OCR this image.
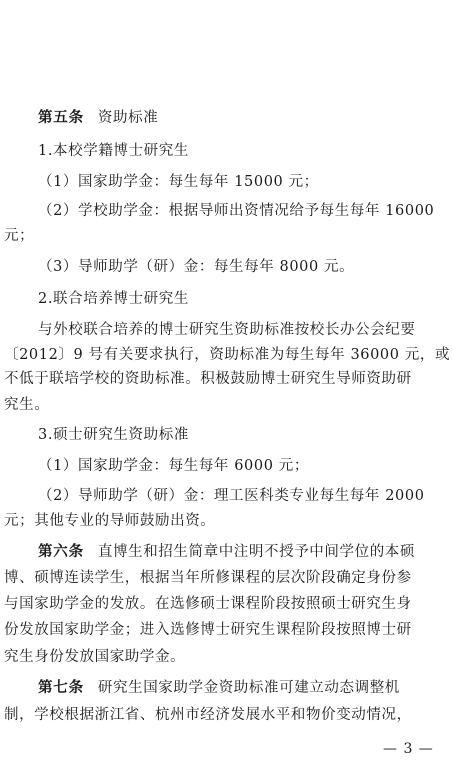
第五条 资助标准
1.本校学籍博士研究生
（1）国家助学金：每生每年 15000 元；
（2）学校助学金：根据导师出资情况给予每生每年 16000
元；
（3）导师助学（研）金：每生每年 8000 元。
2.联合培养博士研究生
与外校联合培养的博士研究生资助标准按校长办公会纪要
〔2012〕9 号有关要求执行，资助标准为每生每年 36000 元，或
不低于联培学校的资助标准。积极鼓励博士研究生导师资助研
究生。
3.硕士研究生资助标准
（1）国家助学金：每生每年 6000 元；
（2）导师助学（研）金：理工医科类专业每生每年 2000
元；其他专业的导师鼓励出资。
第六条 直博生和招生简章中注明不授予中间学位的本硕
博、硕博连读学生，根据当年所修课程的层次阶段确定身份参
与国家助学金的发放。在选修硕士课程阶段按照硕士研究生身
份发放国家助学金；进入选修博士研究生课程阶段按照博士研
究生身份发放国家助学金。
第七条 研究生国家助学金资助标准可建立动态调整机
制，学校根据浙江省、杭州市经济发展水平和物价变动情况，
— 3 —
